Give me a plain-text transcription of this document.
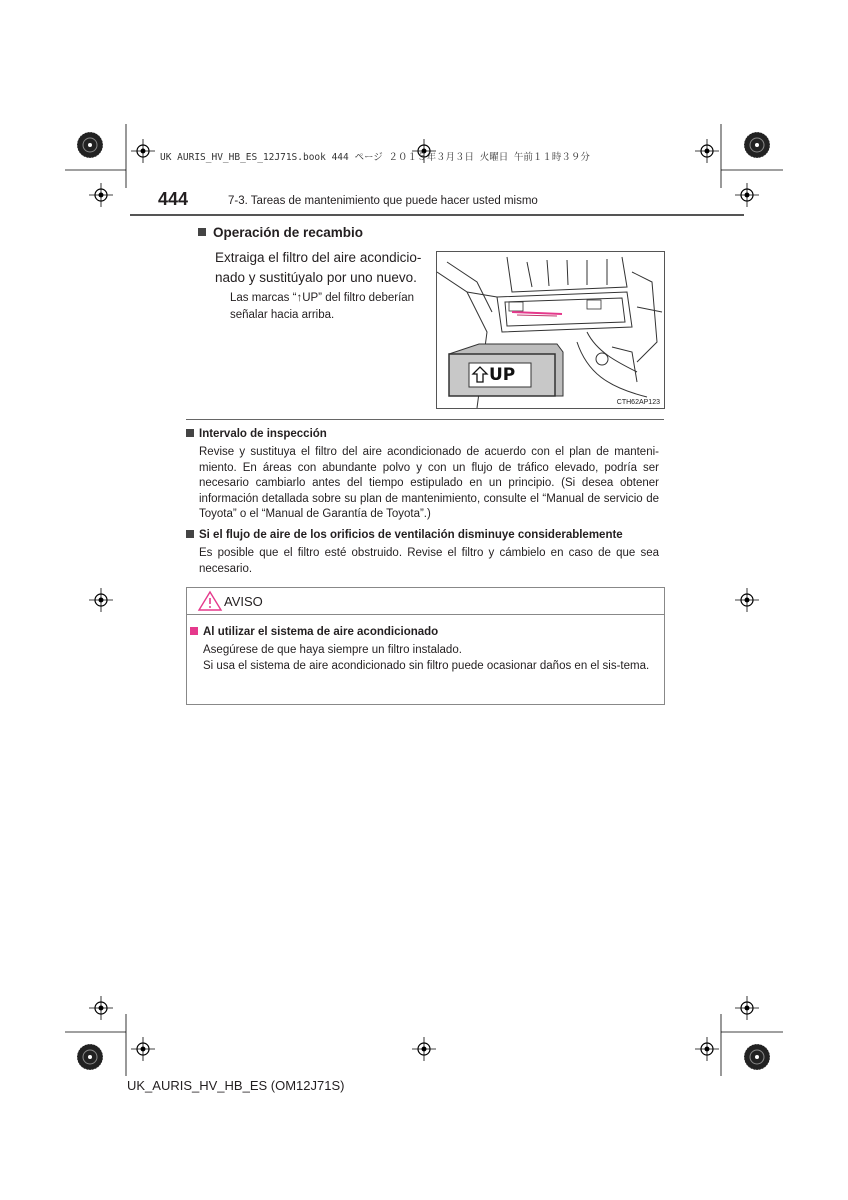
UK AURIS_HV_HB_ES_12J71S.book 444 ページ ２０１５年３月３日 火曜日 午前１１時３９分
444	7-3. Tareas de mantenimiento que puede hacer usted mismo
Operación de recambio
Extraiga el filtro del aire acondicio-nado y sustitúyalo por uno nuevo.
Las marcas “↑UP” del filtro deberían señalar hacia arriba.
UP
CTH62AP123
Intervalo de inspección
Revise y sustituya el filtro del aire acondicionado de acuerdo con el plan de manteni-miento. En áreas con abundante polvo y con un flujo de tráfico elevado, podría ser necesario cambiarlo antes del tiempo estipulado en un principio. (Si desea obtener información detallada sobre su plan de mantenimiento, consulte el “Manual de servicio de Toyota” o el “Manual de Garantía de Toyota”.)
Si el flujo de aire de los orificios de ventilación disminuye considerablemente
Es posible que el filtro esté obstruido. Revise el filtro y cámbielo en caso de que sea necesario.
AVISO
Al utilizar el sistema de aire acondicionado
Asegúrese de que haya siempre un filtro instalado.
Si usa el sistema de aire acondicionado sin filtro puede ocasionar daños en el sis-tema.
UK_AURIS_HV_HB_ES (OM12J71S)
